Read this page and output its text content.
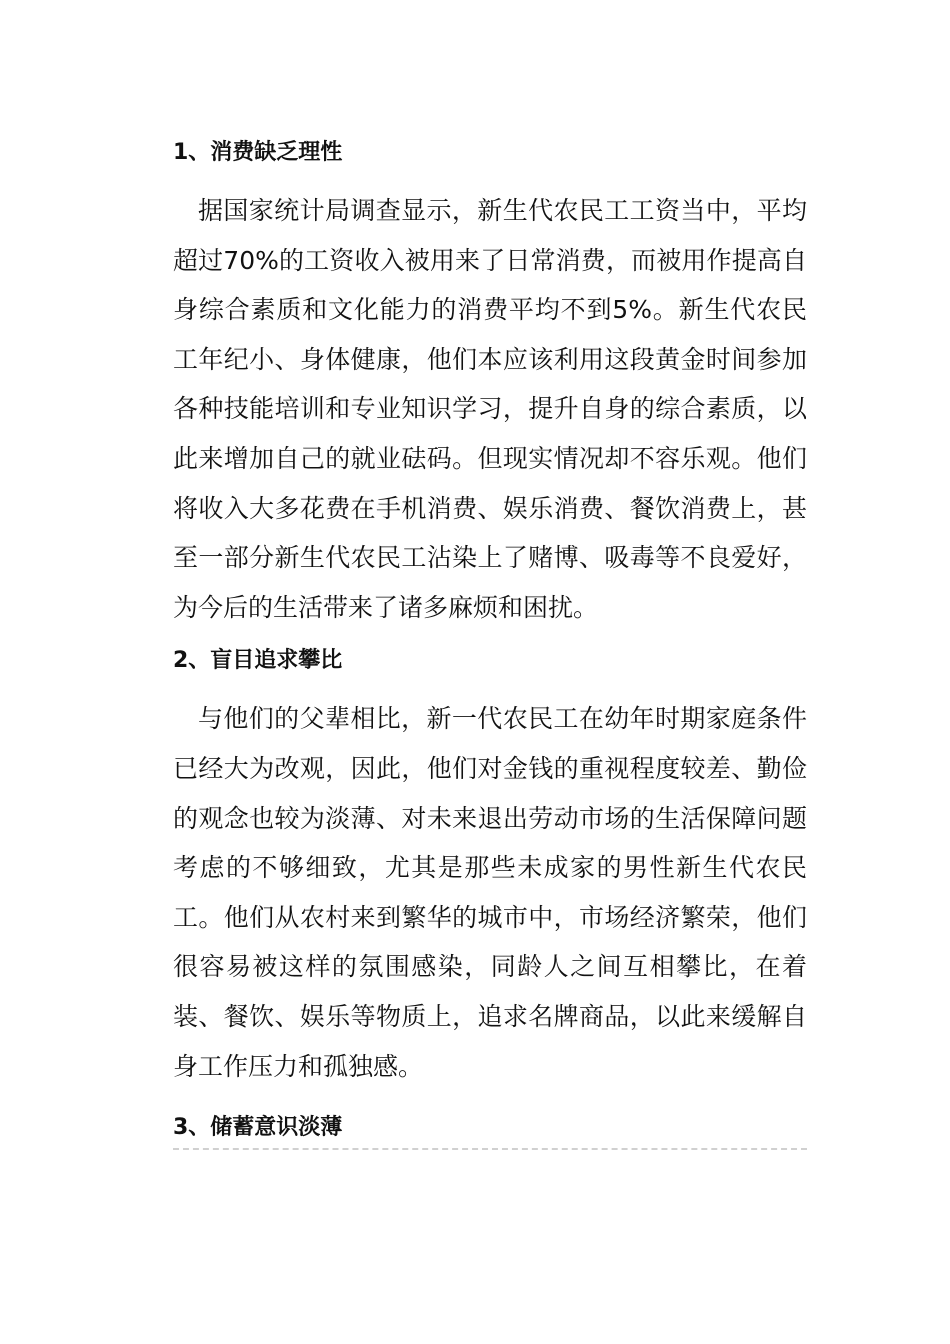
1、消费缺乏理性

据国家统计局调查显示，新生代农民工工资当中，平均超过70%的工资收入被用来了日常消费，而被用作提高自身综合素质和文化能力的消费平均不到5%。新生代农民工年纪小、身体健康，他们本应该利用这段黄金时间参加各种技能培训和专业知识学习，提升自身的综合素质，以此来增加自己的就业砝码。但现实情况却不容乐观。他们将收入大多花费在手机消费、娱乐消费、餐饮消费上，甚至一部分新生代农民工沾染上了赌博、吸毒等不良爱好，为今后的生活带来了诸多麻烦和困扰。

2、盲目追求攀比

与他们的父辈相比，新一代农民工在幼年时期家庭条件已经大为改观，因此，他们对金钱的重视程度较差、勤俭的观念也较为淡薄、对未来退出劳动市场的生活保障问题考虑的不够细致，尤其是那些未成家的男性新生代农民工。他们从农村来到繁华的城市中，市场经济繁荣，他们很容易被这样的氛围感染，同龄人之间互相攀比，在着装、餐饮、娱乐等物质上，追求名牌商品，以此来缓解自身工作压力和孤独感。

3、储蓄意识淡薄
